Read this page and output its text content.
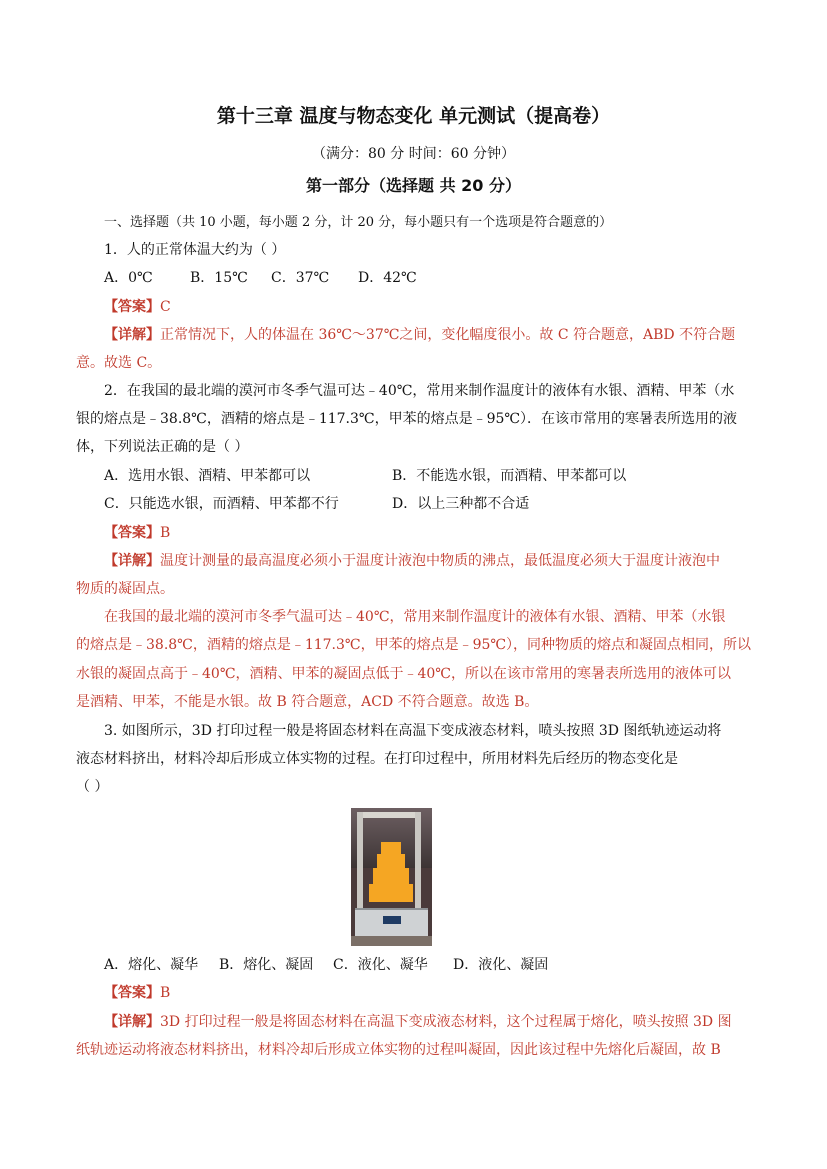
第十三章 温度与物态变化 单元测试（提高卷）
（满分：80 分 时间：60 分钟）
第一部分（选择题 共 20 分）
一、选择题（共 10 小题，每小题 2 分，计 20 分，每小题只有一个选项是符合题意的）
1．人的正常体温大约为（ ）
A．0℃	B．15℃ C．37℃ D．42℃
【答案】C
【详解】正常情况下，人的体温在 36℃～37℃之间，变化幅度很小。故 C 符合题意，ABD 不符合题
意。故选 C。
2．在我国的最北端的漠河市冬季气温可达﹣40℃，常用来制作温度计的液体有水银、酒精、甲苯（水
银的熔点是﹣38.8℃，酒精的熔点是﹣117.3℃，甲苯的熔点是﹣95℃）．在该市常用的寒暑表所选用的液
体，下列说法正确的是（ ）
A．选用水银、酒精、甲苯都可以	B．不能选水银，而酒精、甲苯都可以
C．只能选水银，而酒精、甲苯都不行	D．以上三种都不合适
【答案】B
【详解】温度计测量的最高温度必须小于温度计液泡中物质的沸点，最低温度必须大于温度计液泡中
物质的凝固点。
在我国的最北端的漠河市冬季气温可达﹣40℃，常用来制作温度计的液体有水银、酒精、甲苯（水银
的熔点是﹣38.8℃，酒精的熔点是﹣117.3℃，甲苯的熔点是﹣95℃），同种物质的熔点和凝固点相同，所以
水银的凝固点高于﹣40℃，酒精、甲苯的凝固点低于﹣40℃，所以在该市常用的寒暑表所选用的液体可以
是酒精、甲苯，不能是水银。故 B 符合题意，ACD 不符合题意。故选 B。
3. 如图所示，3D 打印过程一般是将固态材料在高温下变成液态材料，喷头按照 3D 图纸轨迹运动将
液态材料挤出，材料冷却后形成立体实物的过程。在打印过程中，所用材料先后经历的物态变化是
（ ）
A．熔化、凝华 B．熔化、凝固 C．液化、凝华 D．液化、凝固
【答案】B
【详解】3D 打印过程一般是将固态材料在高温下变成液态材料，这个过程属于熔化，喷头按照 3D 图
纸轨迹运动将液态材料挤出，材料冷却后形成立体实物的过程叫凝固，因此该过程中先熔化后凝固，故 B
